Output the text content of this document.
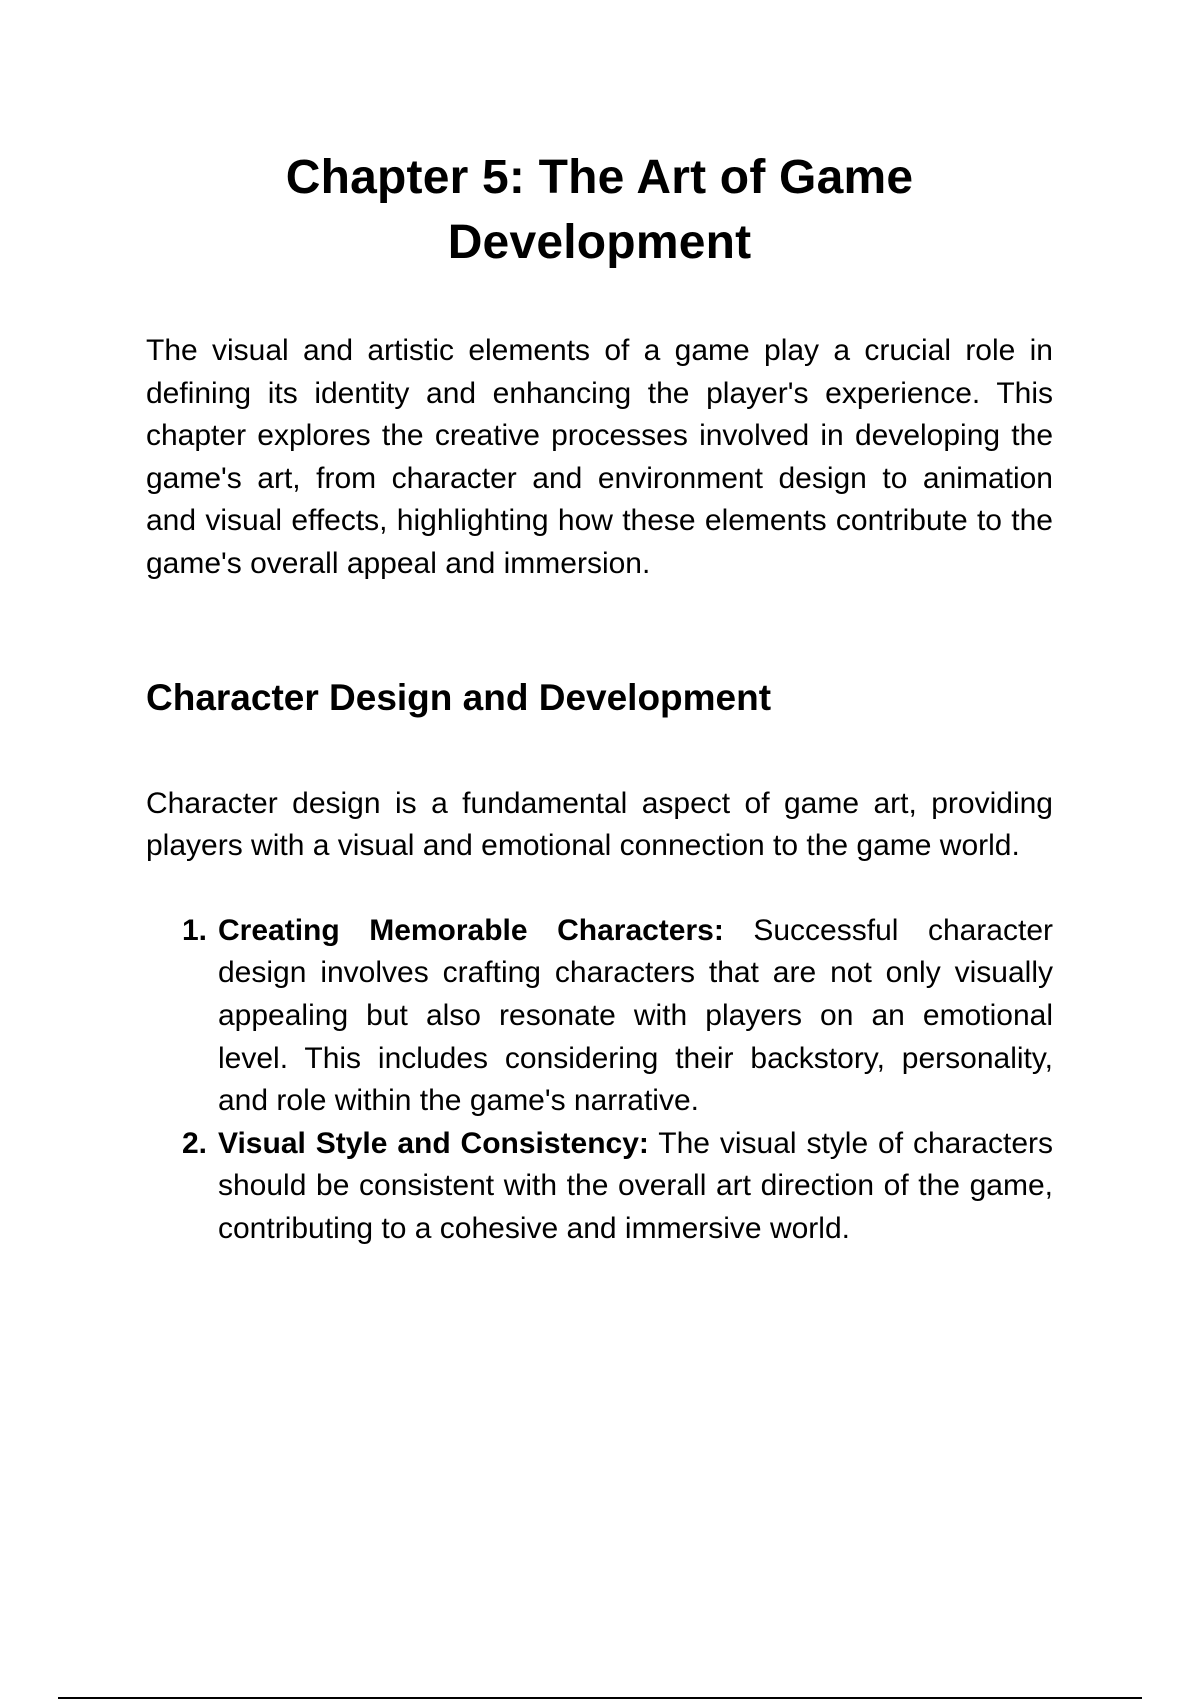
Chapter 5: The Art of Game
Development

The visual and artistic elements of a game play a crucial role in defining its identity and enhancing the player's experience. This chapter explores the creative processes involved in developing the game's art, from character and environment design to animation and visual effects, highlighting how these elements contribute to the game's overall appeal and immersion.

Character Design and Development

Character design is a fundamental aspect of game art, providing players with a visual and emotional connection to the game world.

1. Creating Memorable Characters: Successful character design involves crafting characters that are not only visually appealing but also resonate with players on an emotional level. This includes considering their backstory, personality, and role within the game's narrative.
2. Visual Style and Consistency: The visual style of characters should be consistent with the overall art direction of the game, contributing to a cohesive and immersive world.
